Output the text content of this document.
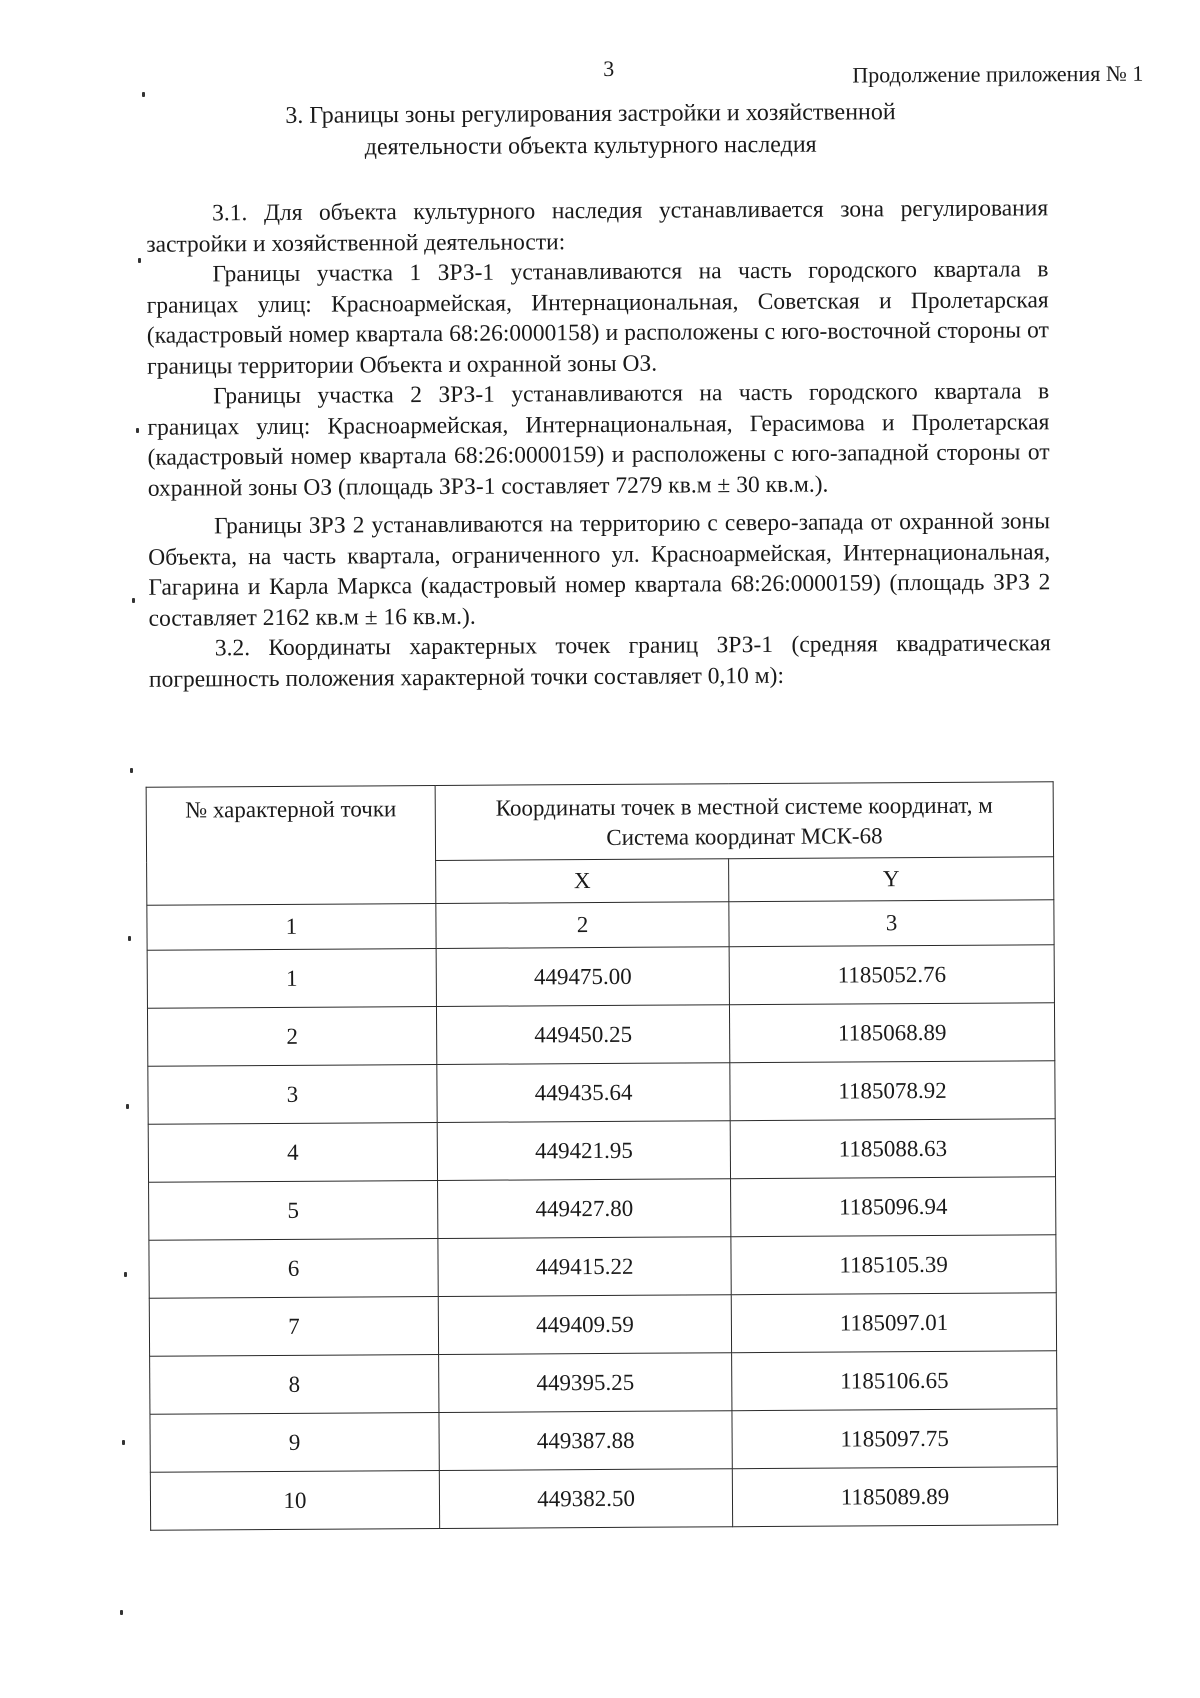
3	Продолжение приложения № 1
3. Границы зоны регулирования застройки и хозяйственной
деятельности объекта культурного наследия

3.1. Для объекта культурного наследия устанавливается зона регулирования застройки и хозяйственной деятельности:

Границы участка 1 ЗРЗ-1 устанавливаются на часть городского квартала в границах улиц: Красноармейская, Интернациональная, Советская и Пролетарская (кадастровый номер квартала 68:26:0000158) и расположены с юго-восточной стороны от границы территории Объекта и охранной зоны ОЗ.

Границы участка 2 ЗРЗ-1 устанавливаются на часть городского квартала в границах улиц: Красноармейская, Интернациональная, Герасимова и Пролетарская (кадастровый номер квартала 68:26:0000159) и расположены с юго-западной стороны от охранной зоны ОЗ (площадь ЗРЗ-1 составляет 7279 кв.м ± 30 кв.м.).

Границы ЗРЗ 2 устанавливаются на территорию с северо-запада от охранной зоны Объекта, на часть квартала, ограниченного ул. Красноармейская, Интернациональная, Гагарина и Карла Маркса (кадастровый номер квартала 68:26:0000159) (площадь ЗРЗ 2 составляет 2162 кв.м ± 16 кв.м.).

3.2. Координаты характерных точек границ ЗРЗ-1 (средняя квадратическая погрешность положения характерной точки составляет 0,10 м):

№ характерной точки	Координаты точек в местной системе координат, м
Система координат МСК-68	

	X	Y
1	2	3
1	449475.00	1185052.76
2	449450.25	1185068.89
3	449435.64	1185078.92
4	449421.95	1185088.63
5	449427.80	1185096.94
6	449415.22	1185105.39
7	449409.59	1185097.01
8	449395.25	1185106.65
9	449387.88	1185097.75
10	449382.50	1185089.89
